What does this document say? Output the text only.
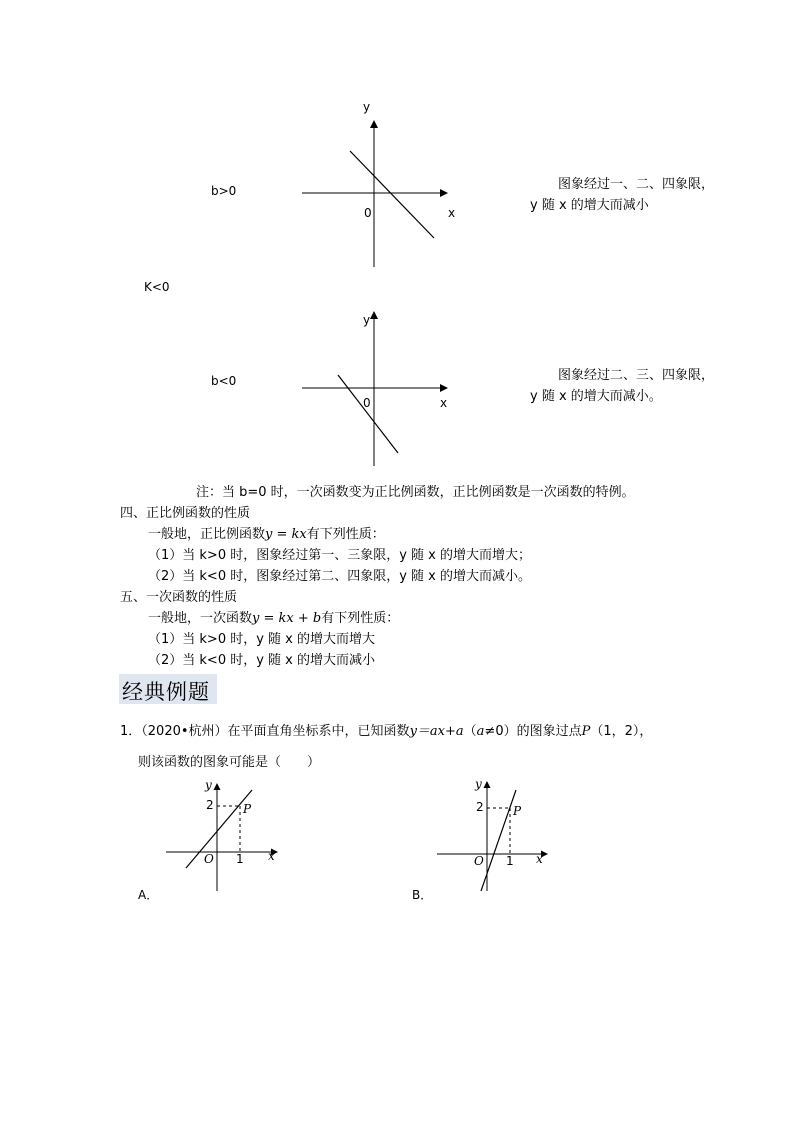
b>0
y
x
0
图象经过一、二、四象限，
y 随 x 的增大而减小
K<0
b<0
y
x
0
图象经过二、三、四象限，
y 随 x 的增大而减小。
注：当 b=0 时，一次函数变为正比例函数，正比例函数是一次函数的特例。
四、正比例函数的性质
一般地，正比例函数y = kx有下列性质：
（1）当 k>0 时，图象经过第一、三象限，y 随 x 的增大而增大；
（2）当 k<0 时，图象经过第二、四象限，y 随 x 的增大而减小。
五、一次函数的性质
一般地，一次函数y = kx + b有下列性质：
（1）当 k>0 时，y 随 x 的增大而增大
（2）当 k<0 时，y 随 x 的增大而减小
经典例题
1．（2020•杭州）在平面直角坐标系中，已知函数y＝ax+a（a≠0）的图象过点P（1，2），
则该函数的图象可能是（　　）
y
2 P
O 1 x
A．
y
2 P
O 1 x
B．
